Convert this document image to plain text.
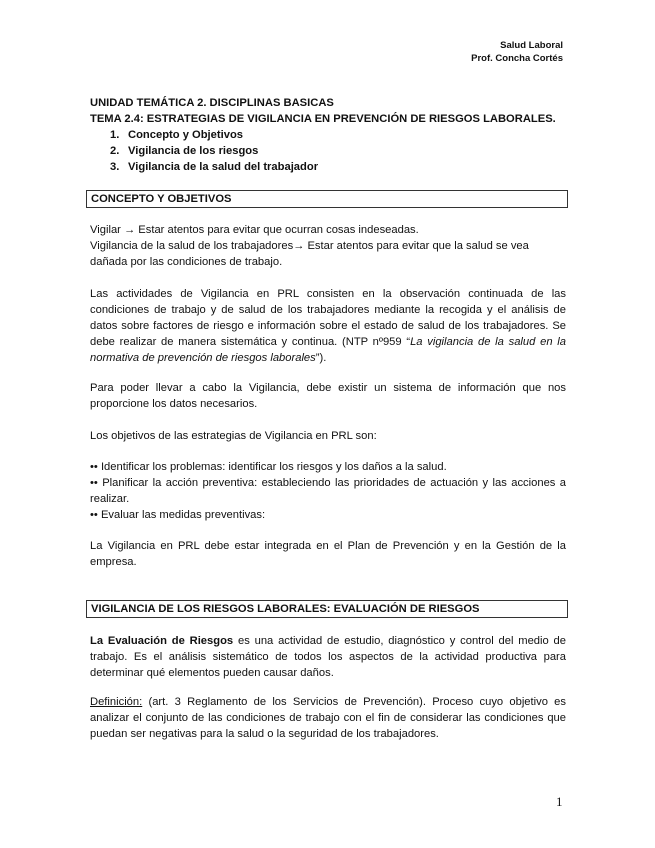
Salud Laboral
Prof. Concha Cortés
UNIDAD TEMÁTICA 2. DISCIPLINAS BASICAS
TEMA 2.4: ESTRATEGIAS DE VIGILANCIA EN PREVENCIÓN DE RIESGOS LABORALES.
1. Concepto y Objetivos
2. Vigilancia de los riesgos
3. Vigilancia de la salud del trabajador
CONCEPTO Y OBJETIVOS

Vigilar → Estar atentos para evitar que ocurran cosas indeseadas.

Vigilancia de la salud de los trabajadores→ Estar atentos para evitar que la salud se vea dañada por las condiciones de trabajo.

Las actividades de Vigilancia en PRL consisten en la observación continuada de las condiciones de trabajo y de salud de los trabajadores mediante la recogida y el análisis de datos sobre factores de riesgo e información sobre el estado de salud de los trabajadores. Se debe realizar de manera sistemática y continua. (NTP nº959 “La vigilancia de la salud en la normativa de prevención de riesgos laborales”).

Para poder llevar a cabo la Vigilancia, debe existir un sistema de información que nos proporcione los datos necesarios.

Los objetivos de las estrategias de Vigilancia en PRL son:

•• Identificar los problemas: identificar los riesgos y los daños a la salud.

•• Planificar la acción preventiva: estableciendo las prioridades de actuación y las acciones a realizar.

•• Evaluar las medidas preventivas:

La Vigilancia en PRL debe estar integrada en el Plan de Prevención y en la Gestión de la empresa.

VIGILANCIA DE LOS RIESGOS LABORALES: EVALUACIÓN DE RIESGOS

La Evaluación de Riesgos es una actividad de estudio, diagnóstico y control del medio de trabajo. Es el análisis sistemático de todos los aspectos de la actividad productiva para determinar qué elementos pueden causar daños.

Definición: (art. 3 Reglamento de los Servicios de Prevención). Proceso cuyo objetivo es analizar el conjunto de las condiciones de trabajo con el fin de considerar las condiciones que puedan ser negativas para la salud o la seguridad de los trabajadores.

1
